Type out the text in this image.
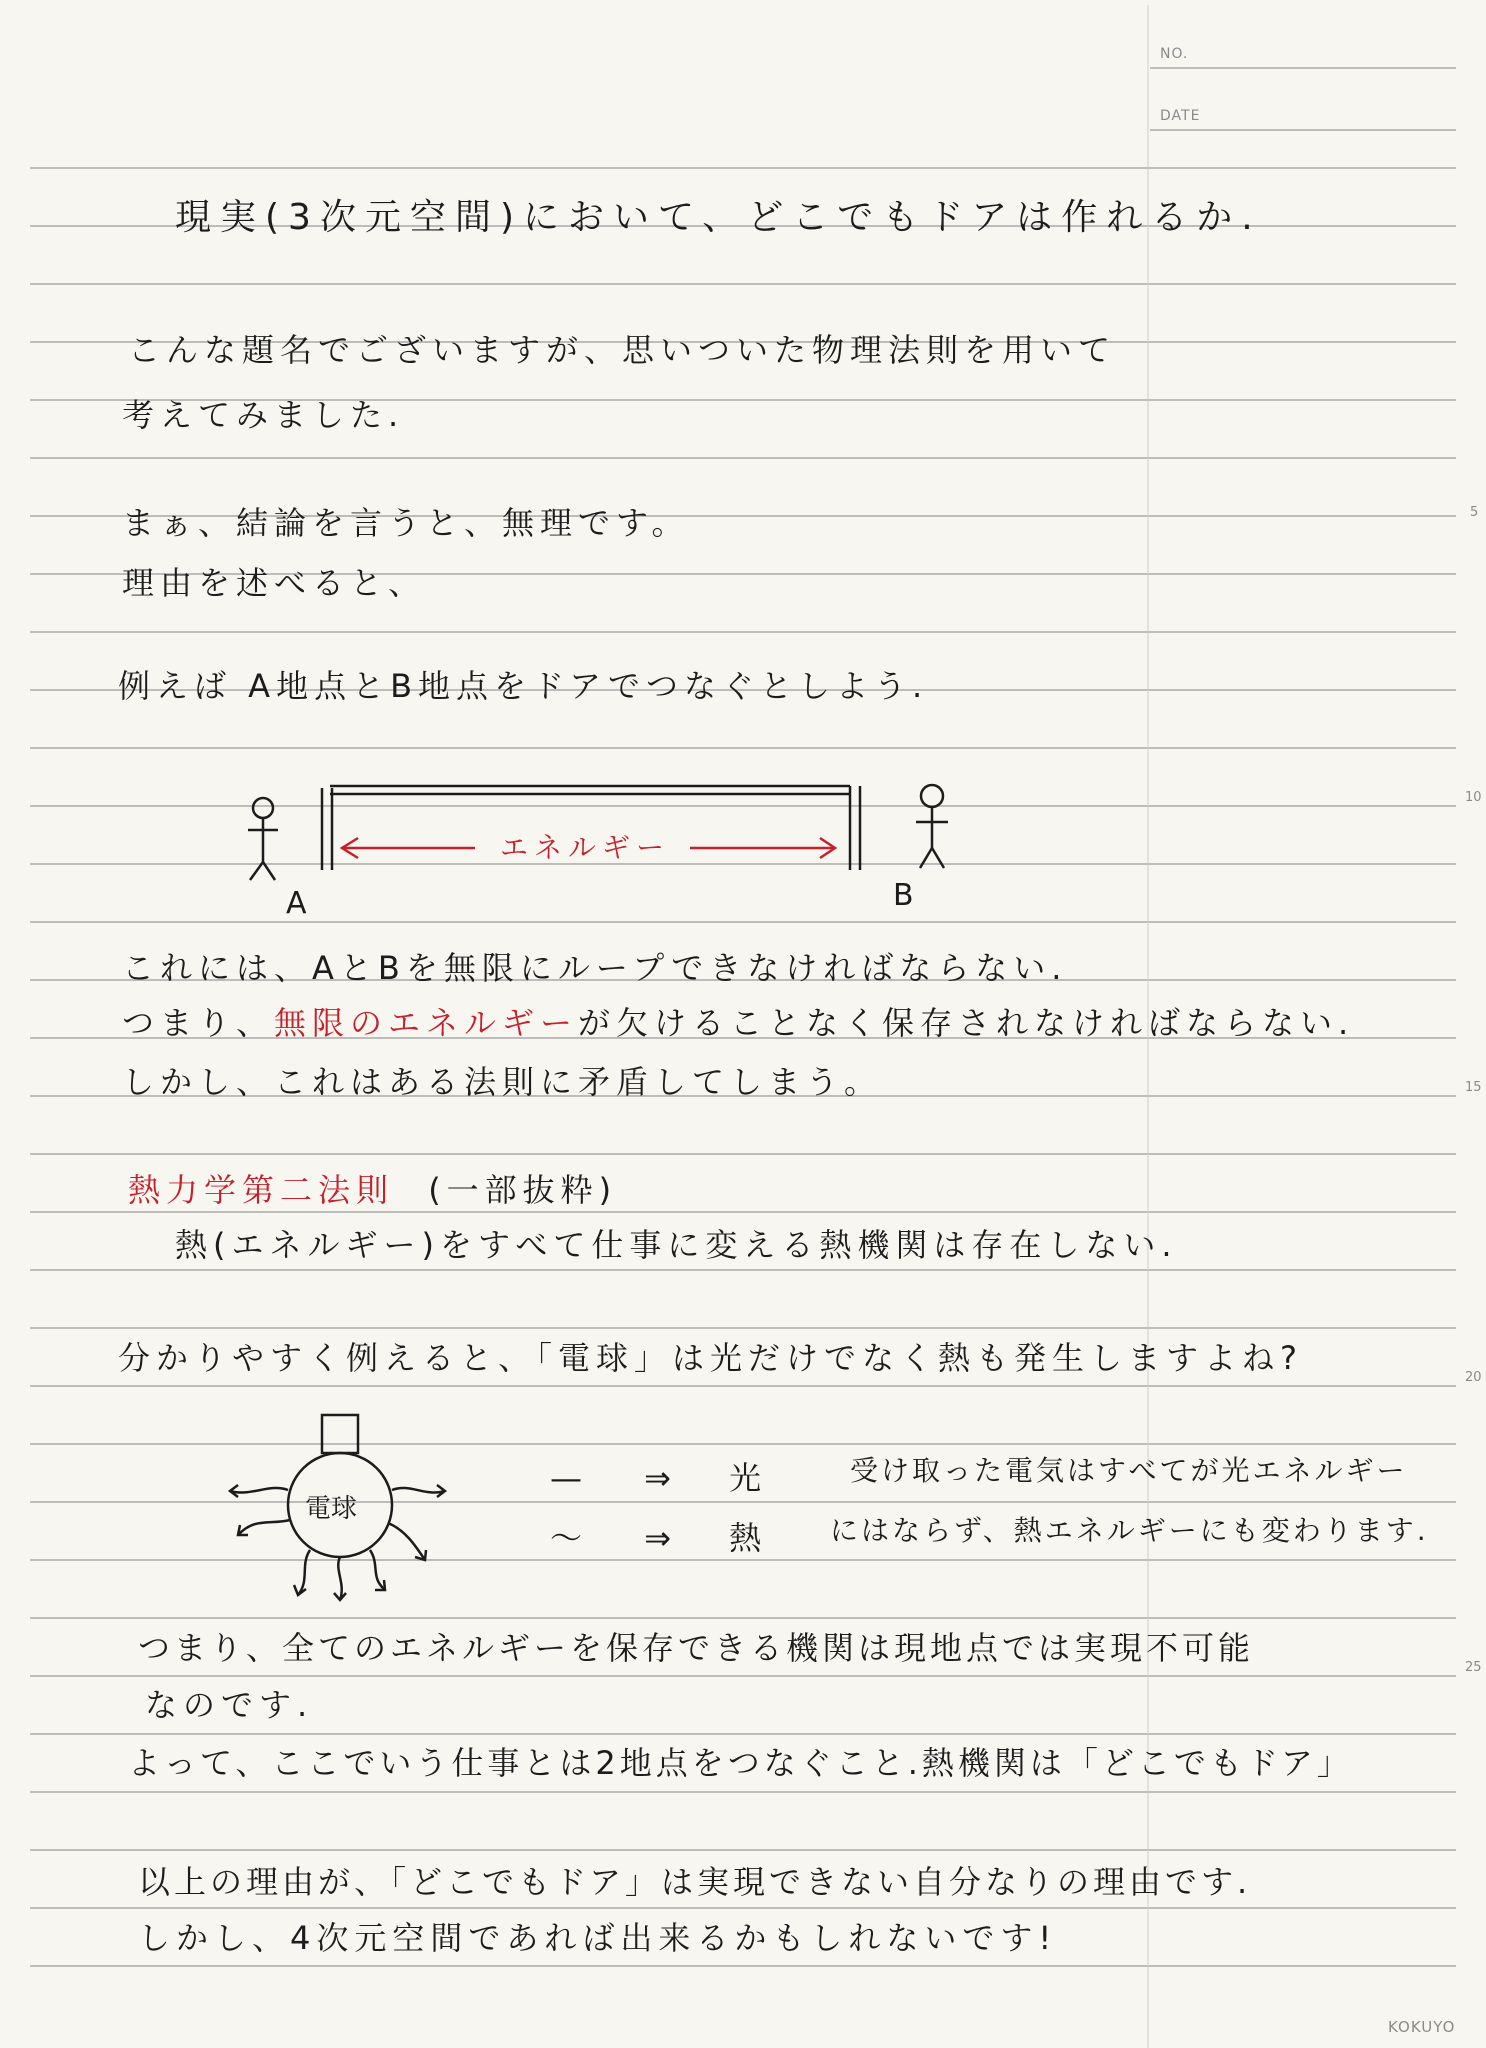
NO.
DATE
現実(3次元空間)において、どこでもドアは作れるか.
こんな題名でございますが、思いついた物理法則を用いて
考えてみました.
まぁ、結論を言うと、無理です。
理由を述べると、
例えば A地点とB地点をドアでつなぐとしよう.
エネルギー
A	B
これには、AとBを無限にループできなければならない.
つまり、無限のエネルギーが欠けることなく保存されなければならない.
しかし、これはある法則に矛盾してしまう。
熱力学第二法則 (一部抜粋)
熱(エネルギー)をすべて仕事に変える熱機関は存在しない.
分かりやすく例えると、「電球」は光だけでなく熱も発生しますよね?
電球
— ⇒ 光
〜 ⇒ 熱
受け取った電気はすべてが光エネルギー
にはならず、熱エネルギーにも変わります.
つまり、全てのエネルギーを保存できる機関は現地点では実現不可能
なのです.
よって、ここでいう仕事とは2地点をつなぐこと.熱機関は「どこでもドア」
以上の理由が、「どこでもドア」は実現できない自分なりの理由です.
しかし、4次元空間であれば出来るかもしれないです!
5
10
15
20
25
KOKUYO
